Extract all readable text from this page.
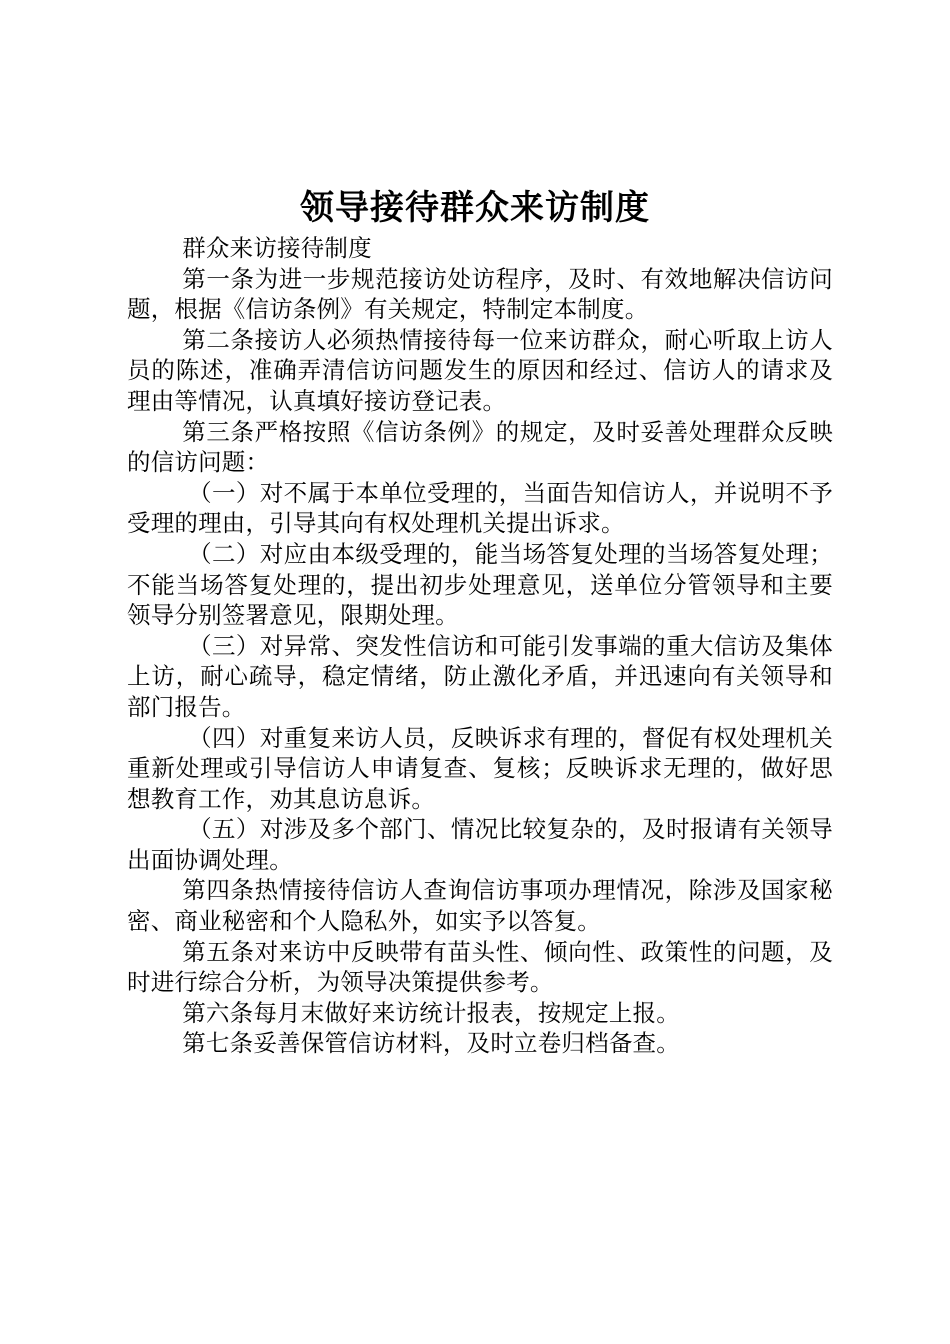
领导接待群众来访制度

群众来访接待制度

第一条为进一步规范接访处访程序，及时、有效地解决信访问题，根据《信访条例》有关规定，特制定本制度。

第二条接访人必须热情接待每一位来访群众，耐心听取上访人员的陈述，准确弄清信访问题发生的原因和经过、信访人的请求及理由等情况，认真填好接访登记表。

第三条严格按照《信访条例》的规定，及时妥善处理群众反映的信访问题：

（一）对不属于本单位受理的，当面告知信访人，并说明不予受理的理由，引导其向有权处理机关提出诉求。

（二）对应由本级受理的，能当场答复处理的当场答复处理；不能当场答复处理的，提出初步处理意见，送单位分管领导和主要领导分别签署意见，限期处理。

（三）对异常、突发性信访和可能引发事端的重大信访及集体上访，耐心疏导，稳定情绪，防止激化矛盾，并迅速向有关领导和部门报告。

（四）对重复来访人员，反映诉求有理的，督促有权处理机关重新处理或引导信访人申请复查、复核；反映诉求无理的，做好思想教育工作，劝其息访息诉。

（五）对涉及多个部门、情况比较复杂的，及时报请有关领导出面协调处理。

第四条热情接待信访人查询信访事项办理情况，除涉及国家秘密、商业秘密和个人隐私外，如实予以答复。

第五条对来访中反映带有苗头性、倾向性、政策性的问题，及时进行综合分析，为领导决策提供参考。

第六条每月末做好来访统计报表，按规定上报。

第七条妥善保管信访材料，及时立卷归档备查。
